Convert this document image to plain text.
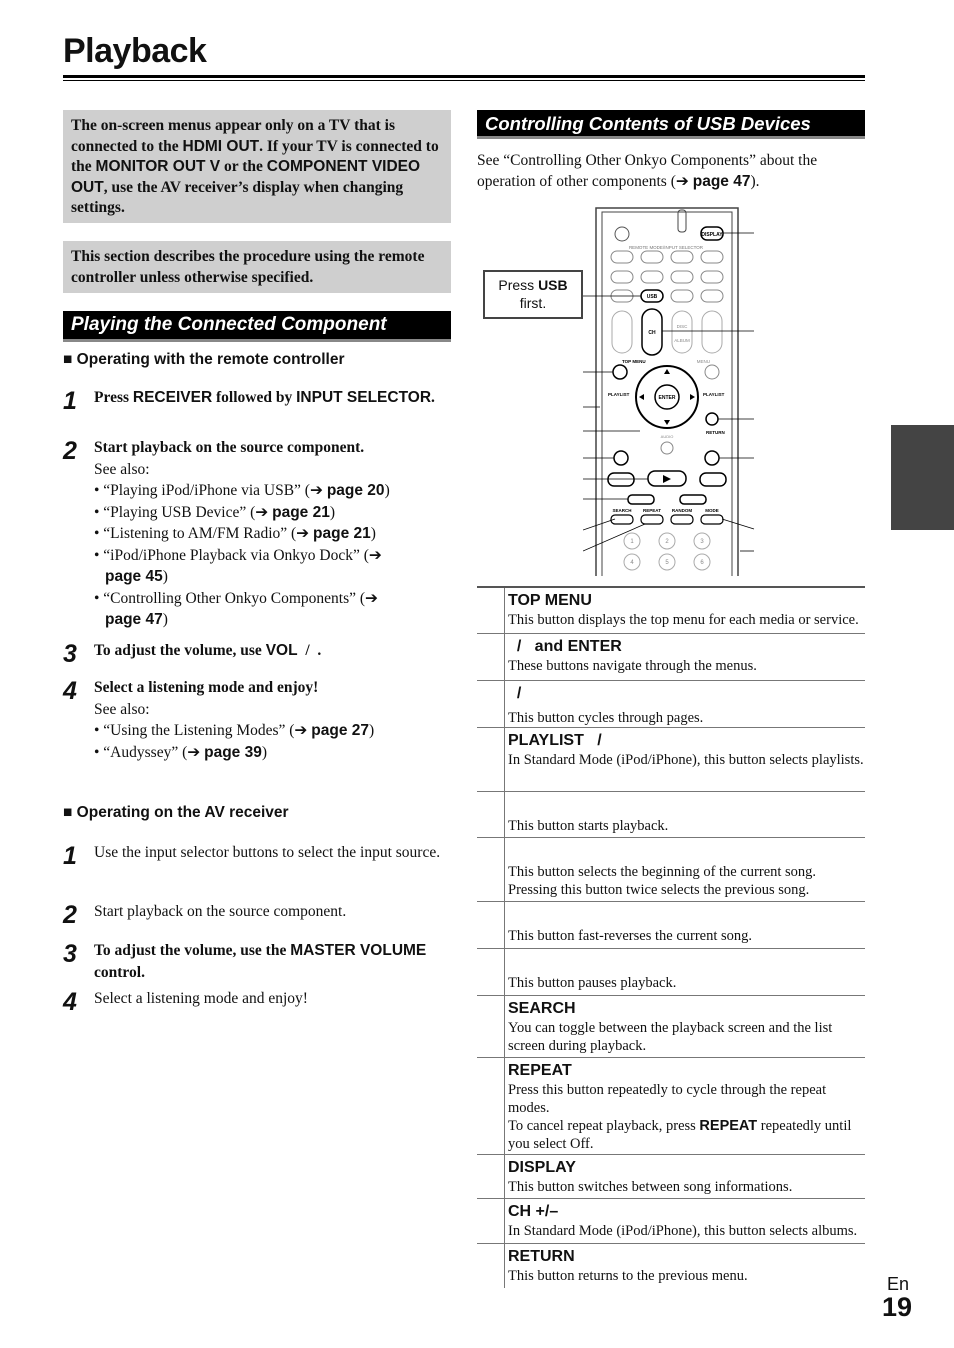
Playback
The on-screen menus appear only on a TV that is connected to the HDMI OUT. If your TV is connected to the MONITOR OUT V or the COMPONENT VIDEO OUT, use the AV receiver’s display when changing settings.
This section describes the procedure using the remote controller unless otherwise specified.
Playing the Connected Component
■ Operating with the remote controller
1	Press RECEIVER followed by INPUT SELECTOR.
2	Start playback on the source component.
See also:
• “Playing iPod/iPhone via USB” (➔ page 20)
• “Playing USB Device” (➔ page 21)
• “Listening to AM/FM Radio” (➔ page 21)
• “iPod/iPhone Playback via Onkyo Dock” (➔ page 45)
• “Controlling Other Onkyo Components” (➔ page 47)
3	To adjust the volume, use VOL  /  .
4	Select a listening mode and enjoy!
See also:
• “Using the Listening Modes” (➔ page 27)
• “Audyssey” (➔ page 39)
■ Operating on the AV receiver
1	Use the input selector buttons to select the input source.
2	Start playback on the source component.
3	To adjust the volume, use the MASTER VOLUME control.
4	Select a listening mode and enjoy!
Controlling Contents of USB Devices
See “Controlling Other Onkyo Components” about the operation of other components (➔ page 47).
Press USB
first.
DISPLAY
REMOTE MODE/INPUT SELECTOR
USB
CH
DISC
ALBUM
TOP MENU	MENU
ENTER
PLAYLIST	PLAYLIST
RETURN
AUDIO
SEARCH	REPEAT RANDOM	MODE
1	2	3
4	5	6
TOP MENU
This button displays the top menu for each media or service.
/   and ENTER
These buttons navigate through the menus.
/
This button cycles through pages.
PLAYLIST   /
In Standard Mode (iPod/iPhone), this button selects playlists.
This button starts playback.
This button selects the beginning of the current song. Pressing this button twice selects the previous song.
This button fast-reverses the current song.
This button pauses playback.
SEARCH
You can toggle between the playback screen and the list screen during playback.
REPEAT
Press this button repeatedly to cycle through the repeat modes.
To cancel repeat playback, press REPEAT repeatedly until you select Off.
DISPLAY
This button switches between song informations.
CH +/–
In Standard Mode (iPod/iPhone), this button selects albums.
RETURN
This button returns to the previous menu.	En
19
